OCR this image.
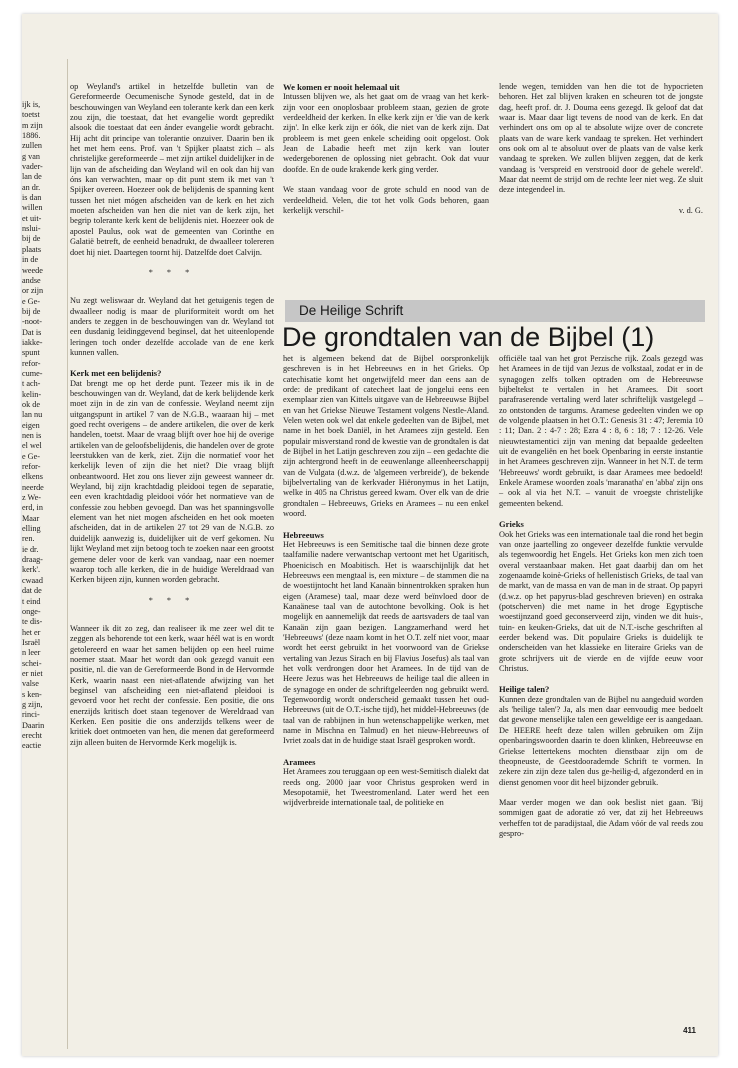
ijk is,
toetst
m zijn
1886.
zullen
g van
vader-
lan de
an dr.
is dan
willen
et uit-
nslui-
bij de
plaats
in de
weede
andse
or zijn
e Ge-
bij de
-noot-
Dat is
iakke-
spunt
refor-
cume-
t ach-
kelin-
ok de
lan nu
eigen
nen is
el wel
e Ge-
refor-
elkens
neerde
z We-
erd, in
Maar
elling
ren.
ie dr.
draag-
kerk'.
cwaad
dat de
t eind
onge-
te dis-
het er
Israël
n leer
schei-
er niet
valse
s ken-
g zijn,
rinci-
Daarin
erecht
eactie

op Weyland's artikel in hetzelfde bulletin van de Gereformeerde Oecumenische Synode gesteld, dat in de beschouwingen van Weyland een tolerante kerk dan een kerk zou zijn, die toestaat, dat het evangelie wordt gepredikt alsook die toestaat dat een ánder evangelie wordt gebracht. Hij acht dit principe van tolerantie onzuiver. Daarin ben ik het met hem eens. Prof. van 't Spijker plaatst zich – als christelijke gereformeerde – met zijn artikel duidelijker in de lijn van de afscheiding dan Weyland wil en ook dan hij van óns kan verwachten, maar op dit punt stem ik met van 't Spijker overeen. Hoezeer ook de belijdenis de spanning kent tussen het niet mógen afscheiden van de kerk en het zich moeten afscheiden van hen die niet van de kerk zijn, het begrip tolerante kerk kent de belijdenis niet. Hoezeer ook de apostel Paulus, ook wat de gemeenten van Corinthe en Galatië betreft, de eenheid benadrukt, de dwaalleer tolereren doet hij niet. Daartegen toornt hij. Datzelfde doet Calvijn.

* * *

Nu zegt weliswaar dr. Weyland dat het getuigenis tegen de dwaalleer nodig is maar de pluriformiteit wordt om het anders te zeggen in de beschouwingen van dr. Weyland tot een dusdanig leidinggevend beginsel, dat het uiteenlopende leringen toch onder dezelfde accolade van de ene kerk kunnen vallen.

Kerk met een belijdenis?

Dat brengt me op het derde punt. Tezeer mis ik in de beschouwingen van dr. Weyland, dat de kerk belijdende kerk moet zijn in de zin van de confessie. Weyland neemt zijn uitgangspunt in artikel 7 van de N.G.B., waaraan hij – met goed recht overigens – de andere artikelen, die over de kerk handelen, toetst. Maar de vraag blijft over hoe hij de overige artikelen van de geloofsbelijdenis, die handelen over de grote leerstukken van de kerk, ziet. Zijn die normatief voor het kerkelijk leven of zijn die het niet? Die vraag blijft onbeantwoord. Het zou ons liever zijn geweest wanneer dr. Weyland, bij zijn krachtdadig pleidooi tegen de separatie, een even krachtdadig pleidooi vóór het normatieve van de confessie zou hebben gevoegd. Dan was het spanningsvolle element van het niet mogen afscheiden en het ook moeten afscheiden, dat in de artikelen 27 tot 29 van de N.G.B. zo duidelijk aanwezig is, duidelijker uit de verf gekomen. Nu lijkt Weyland met zijn betoog toch te zoeken naar een grootst gemene deler voor de kerk van vandaag, naar een noemer waarop toch alle kerken, die in de huidige Wereldraad van Kerken bijeen zijn, kunnen worden gebracht.

* * *

Wanneer ik dit zo zeg, dan realiseer ik me zeer wel dit te zeggen als behorende tot een kerk, waar héél wat is en wordt getolereerd en waar het samen belijden op een heel ruime noemer staat. Maar het wordt dan ook gezegd vanuit een positie, nl. die van de Gereformeerde Bond in de Hervormde Kerk, waarin naast een niet-aflatende afwijzing van het beginsel van afscheiding een niet-aflatend pleidooi is gevoerd voor het recht der confessie. Een positie, die ons enerzijds kritisch doet staan tegenover de Wereldraad van Kerken. Een positie die ons anderzijds telkens weer de kritiek doet ontmoeten van hen, die menen dat gereformeerd zijn alleen buiten de Hervormde Kerk mogelijk is.

We komen er nooit helemaal uit

Intussen blijven we, als het gaat om de vraag van het kerk-zijn voor een onoplosbaar probleem staan, gezien de grote verdeeldheid der kerken. In elke kerk zijn er 'die van de kerk zijn'. In elke kerk zijn er óók, die niet van de kerk zijn. Dat probleem is met geen enkele scheiding ooit opgelost. Ook Jean de Labadie heeft met zijn kerk van louter wedergeborenen de oplossing niet gebracht. Ook dat vuur doofde. En de oude krakende kerk ging verder.

We staan vandaag voor de grote schuld en nood van de verdeeldheid. Velen, die tot het volk Gods behoren, gaan kerkelijk verschil-

lende wegen, temidden van hen die tot de hypocrieten behoren. Het zal blijven kraken en scheuren tot de jongste dag, heeft prof. dr. J. Douma eens gezegd. Ik geloof dat dat waar is. Maar daar ligt tevens de nood van de kerk. En dat verhindert ons om op al te absolute wijze over de concrete plaats van de ware kerk vandaag te spreken. Het verhindert ons ook om al te absoluut over de plaats van de valse kerk vandaag te spreken. We zullen blijven zeggen, dat de kerk vandaag is 'verspreid en verstrooid door de gehele wereld'. Maar dat neemt de strijd om de rechte leer niet weg. Ze sluit deze integendeel in.

v. d. G.
De Heilige Schrift
De grondtalen van de Bijbel (1)

het is algemeen bekend dat de Bijbel oorspronkelijk geschreven is in het Hebreeuws en in het Grieks. Op catechisatie komt het ongetwijfeld meer dan eens aan de orde: de predikant of catecheet laat de jongelui eens een exemplaar zien van Kittels uitgave van de Hebreeuwse Bijbel en van het Griekse Nieuwe Testament volgens Nestle-Aland. Velen weten ook wel dat enkele gedeelten van de Bijbel, met name in het boek Daniël, in het Aramees zijn gesteld. Een populair misverstand rond de kwestie van de grondtalen is dat de Bijbel in het Latijn geschreven zou zijn – een gedachte die zijn achtergrond heeft in de eeuwenlange alleenheerschappij van de Vulgata (d.w.z. de 'algemeen verbreide'), de bekende bijbelvertaling van de kerkvader Hiëronymus in het Latijn, welke in 405 na Christus gereed kwam. Over elk van de drie grondtalen – Hebreeuws, Grieks en Aramees – nu een enkel woord.

Hebreeuws

Het Hebreeuws is een Semitische taal die binnen deze grote taalfamilie nadere verwantschap vertoont met het Ugaritisch, Phoenicisch en Moabitisch. Het is waarschijnlijk dat het Hebreeuws een mengtaal is, een mixture – de stammen die na de woestijntocht het land Kanaän binnentrokken spraken hun eigen (Aramese) taal, maar deze werd beïnvloed door de Kanaänese taal van de autochtone bevolking. Ook is het mogelijk en aannemelijk dat reeds de aartsvaders de taal van Kanaän zijn gaan bezigen. Langzamerhand werd het 'Hebreeuws' (deze naam komt in het O.T. zelf niet voor, maar wordt het eerst gebruikt in het voorwoord van de Griekse vertaling van Jezus Sirach en bij Flavius Josefus) als taal van het volk verdrongen door het Aramees. In de tijd van de Heere Jezus was het Hebreeuws de heilige taal die alleen in de synagoge en onder de schriftgeleerden nog gebruikt werd. Tegenwoordig wordt onderscheid gemaakt tussen het oud-Hebreeuws (uit de O.T.-ische tijd), het middel-Hebreeuws (de taal van de rabbijnen in hun wetenschappelijke werken, met name in Mischna en Talmud) en het nieuw-Hebreeuws of Ivriet zoals dat in de huidige staat Israël gesproken wordt.

Aramees

Het Aramees zou teruggaan op een west-Semitisch dialekt dat reeds ong. 2000 jaar voor Christus gesproken werd in Mesopotamië, het Tweestromenland. Later werd het een wijdverbreide internationale taal, de politieke en

officiële taal van het grot Perzische rijk. Zoals gezegd was het Aramees in de tijd van Jezus de volkstaal, zodat er in de synagogen zelfs tolken optraden om de Hebreeuwse bijbeltekst te vertalen in het Aramees. Dit soort parafraserende vertaling werd later schriftelijk vastgelegd – zo ontstonden de targums. Aramese gedeelten vinden we op de volgende plaatsen in het O.T.: Genesis 31 : 47; Jeremia 10 : 11; Dan. 2 : 4-7 : 28; Ezra 4 : 8, 6 : 18; 7 : 12-26. Vele nieuwtestamentici zijn van mening dat bepaalde gedeelten uit de evangeliën en het boek Openbaring in eerste instantie in het Aramees geschreven zijn. Wanneer in het N.T. de term 'Hebreeuws' wordt gebruikt, is daar Aramees mee bedoeld! Enkele Aramese woorden zoals 'maranatha' en 'abba' zijn ons – ook al via het N.T. – vanuit de vroegste christelijke gemeenten bekend.

Grieks

Ook het Grieks was een internationale taal die rond het begin van onze jaartelling zo ongeveer dezelfde funktie vervulde als tegenwoordig het Engels. Het Grieks kon men zich toen overal verstaanbaar maken. Het gaat daarbij dan om het zogenaamde koinè-Grieks of hellenistisch Grieks, de taal van de markt, van de massa en van de man in de straat. Op papyri (d.w.z. op het papyrus-blad geschreven brieven) en ostraka (potscherven) die met name in het droge Egyptische woestijnzand goed geconserveerd zijn, vinden we dit huis-, tuin- en keuken-Grieks, dat uit de N.T.-ische geschriften al eerder bekend was. Dit populaire Grieks is duidelijk te onderscheiden van het klassieke en literaire Grieks van de grote schrijvers uit de vierde en de vijfde eeuw voor Christus.

Heilige talen?

Kunnen deze grondtalen van de Bijbel nu aangeduid worden als 'heilige talen'? Ja, als men daar eenvoudig mee bedoelt dat gewone menselijke talen een geweldige eer is aangedaan. De HEERE heeft deze talen willen gebruiken om Zijn openbaringswoorden daarin te doen klinken, Hebreeuwse en Griekse lettertekens mochten dienstbaar zijn om de theopneuste, de Geestdoorademde Schrift te vormen. In zekere zin zijn deze talen dus ge-heilig-d, afgezonderd en in dienst genomen voor dit heel bijzonder gebruik.

Maar verder mogen we dan ook beslist niet gaan. 'Bij sommigen gaat de adoratie zó ver, dat zij het Hebreeuws verheffen tot de paradijstaal, die Adam vóór de val reeds zou gespro-

411
